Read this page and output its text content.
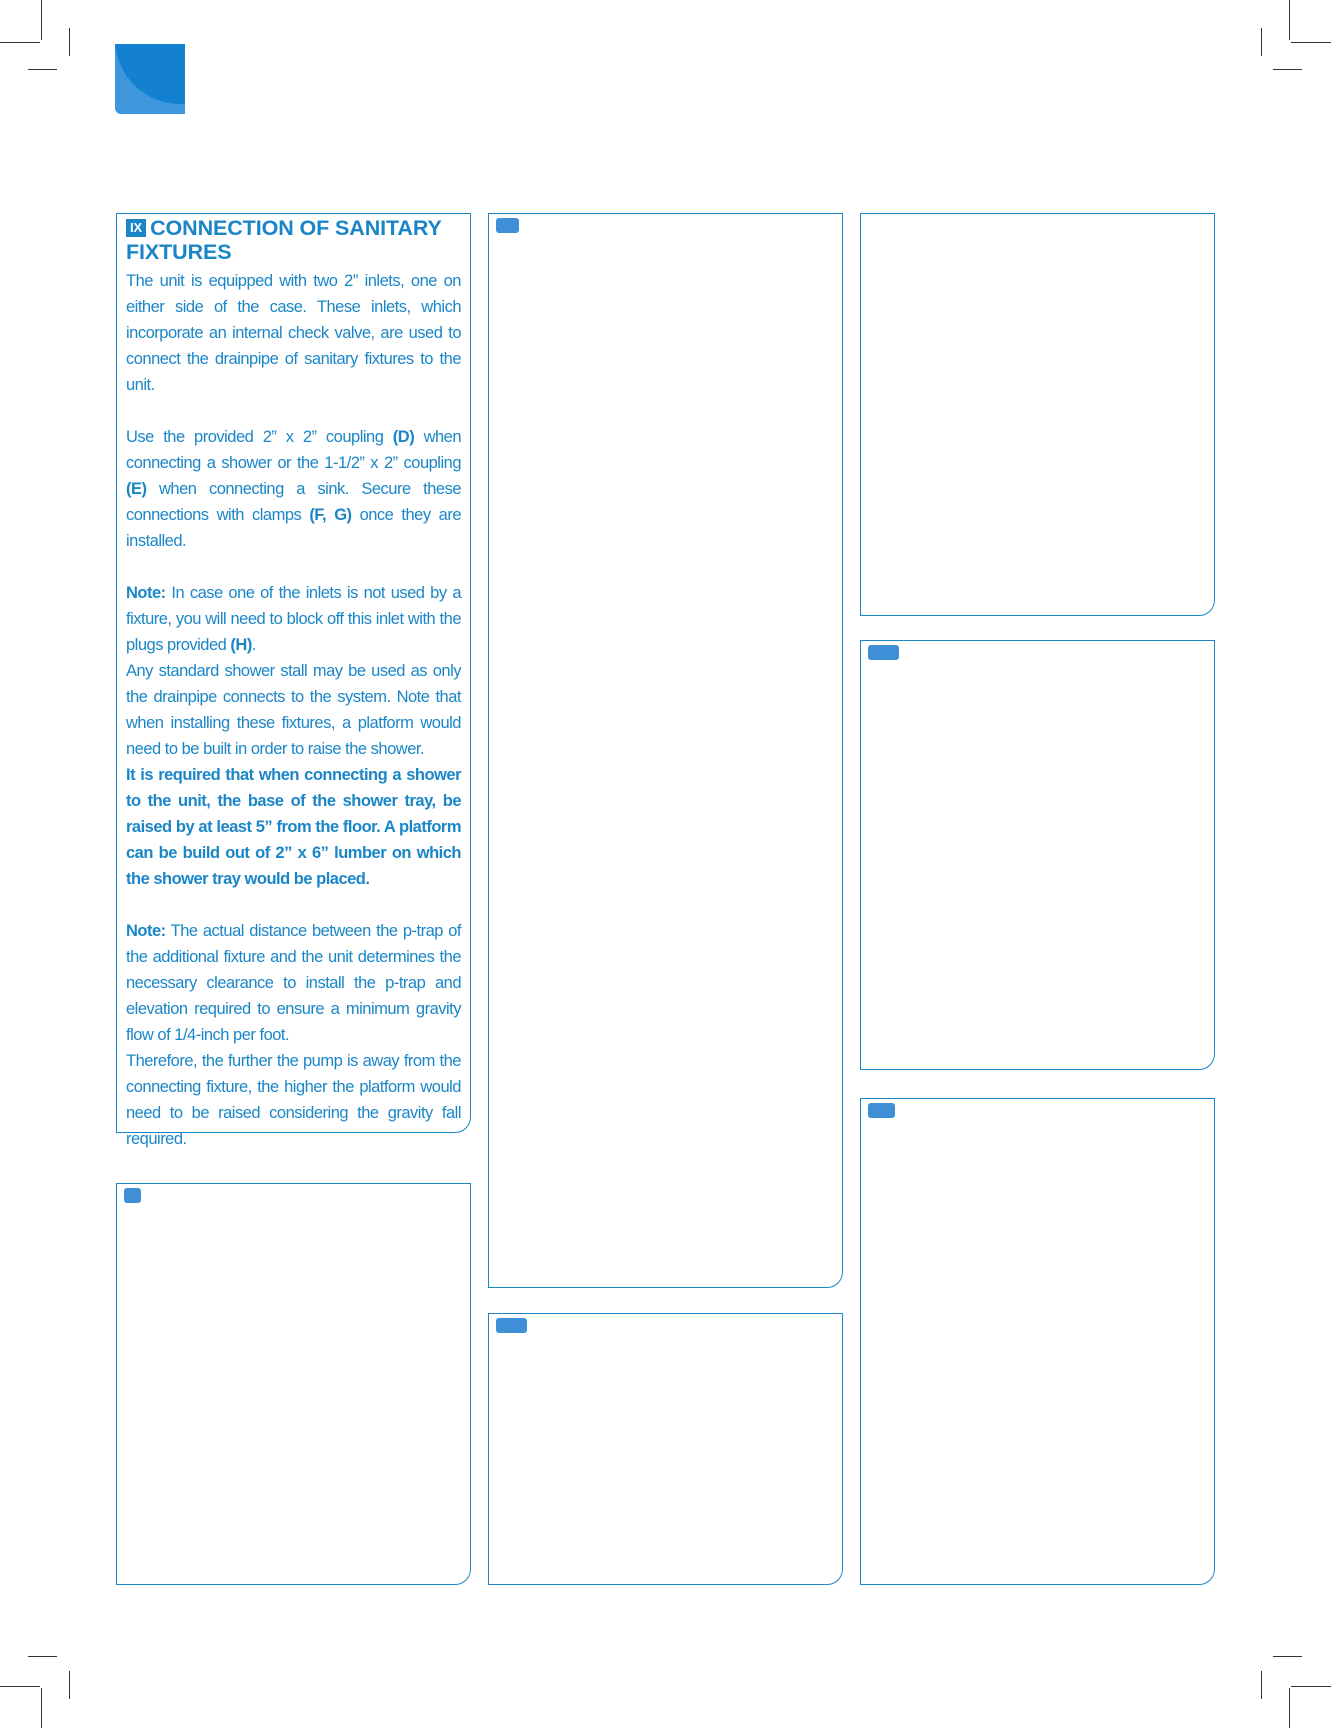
IX CONNECTION OF SANITARY FIXTURES

The unit is equipped with two 2” inlets, one on either side of the case. These inlets, which incorporate an internal check valve, are used to connect the drainpipe of sanitary fixtures to the unit.

Use the provided 2” x 2” coupling (D) when connecting a shower or the 1-1/2” x 2” coupling (E) when connecting a sink. Secure these connections with clamps (F, G) once they are installed.

Note: In case one of the inlets is not used by a fixture, you will need to block off this inlet with the plugs provided (H).

Any standard shower stall may be used as only the drainpipe connects to the system. Note that when installing these fixtures, a platform would need to be built in order to raise the shower.

It is required that when connecting a shower to the unit, the base of the shower tray, be raised by at least 5” from the floor. A platform can be build out of 2” x 6” lumber on which the shower tray would be placed.

Note: The actual distance between the p-trap of the additional fixture and the unit determines the necessary clearance to install the p-trap and elevation required to ensure a minimum gravity flow of 1/4-inch per foot.

Therefore, the further the pump is away from the connecting fixture, the higher the platform would need to be raised considering the gravity fall required.
